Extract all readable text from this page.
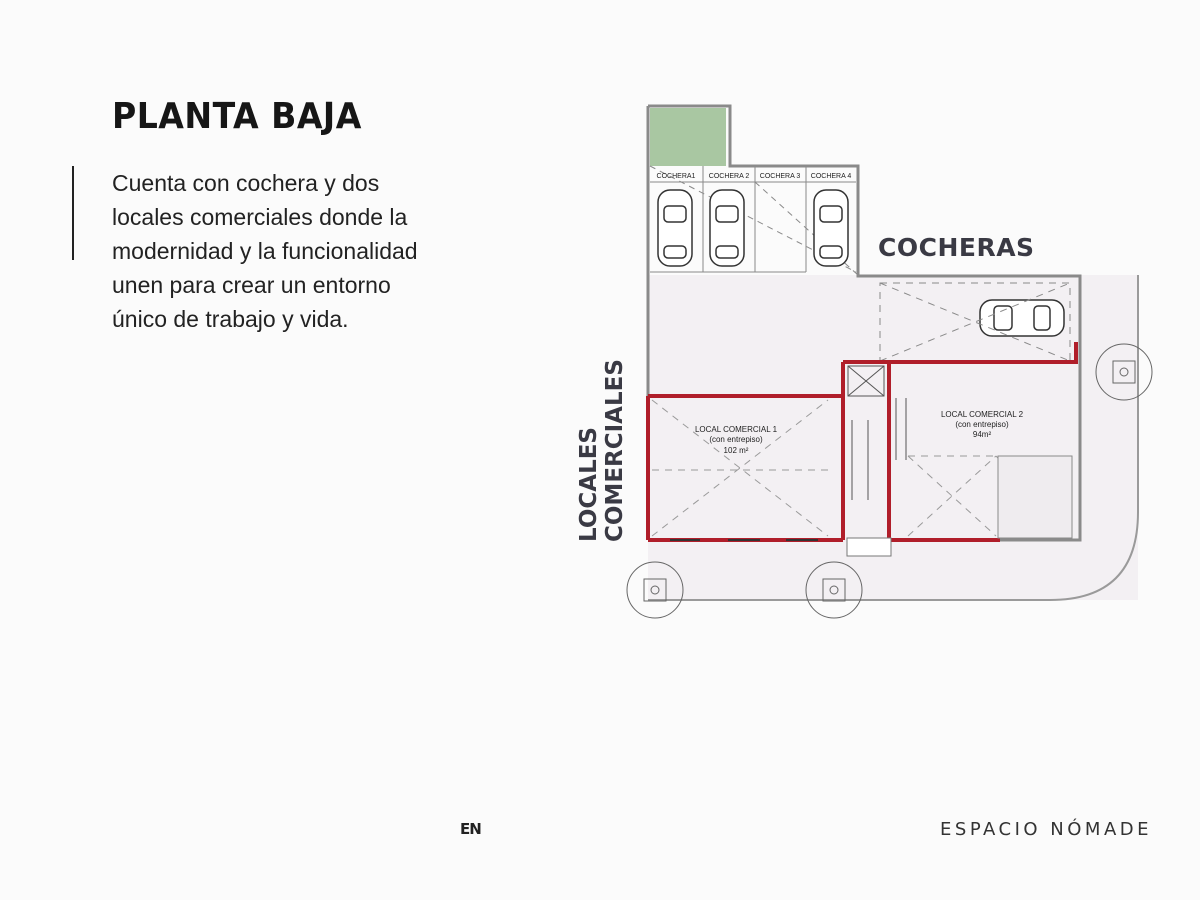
PLANTA BAJA

Cuenta con cochera y dos
locales comerciales donde la
modernidad y la funcionalidad
unen para crear un entorno
único de trabajo y vida.

COCHERA1 COCHERA 2 COCHERA 3 COCHERA 4
LOCAL COMERCIAL 1
(con entrepiso)
102 m²
LOCAL COMERCIAL 2
(con entrepiso)
94m²
COCHERAS
LOCALES COMERCIALES
EN	ESPACIO NÓMADE
